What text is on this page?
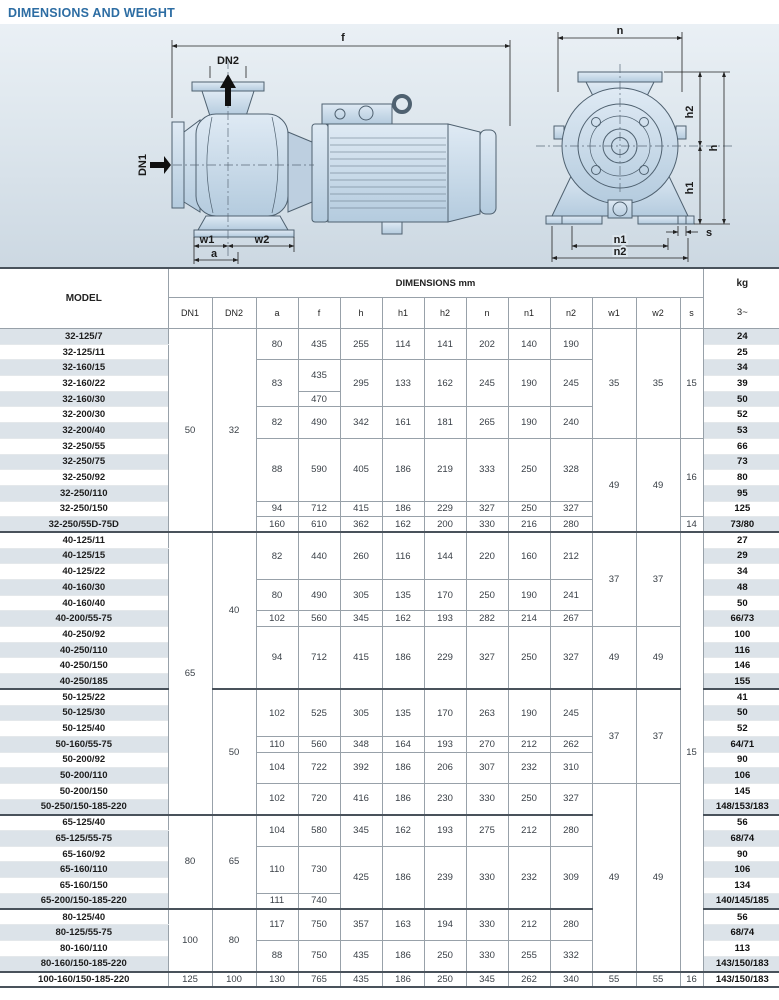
DIMENSIONS AND WEIGHT
f
DN2
DN1
w1	w2
a
n
h2
h
h1
s
n1
n2
MODEL	DIMENSIONS mm													kg
	DN1	DN2	a	f	h	h1	h2	n	n1	n2	w1	w2	s	3~
32-125/7	50	32	80	435	255	114	141	202	140	190	35	35	15	24
32-125/11														25
32-160/15			83	435	295	133	162	245	190	245				34
32-160/22														39
32-160/30				470										50
32-200/30			82	490	342	161	181	265	190	240				52
32-200/40														53
32-250/55			88	590	405	186	219	333	250	328	49	49	16	66
32-250/75														73
32-250/92														80
32-250/110														95
32-250/150			94	712	415	186	229	327	250	327				125
32-250/55D-75D			160	610	362	162	200	330	216	280			14	73/80
40-125/11	65	40	82	440	260	116	144	220	160	212	37	37	15	27
40-125/15														29
40-125/22														34
40-160/30			80	490	305	135	170	250	190	241				48
40-160/40														50
40-200/55-75			102	560	345	162	193	282	214	267				66/73
40-250/92			94	712	415	186	229	327	250	327	49	49		100
40-250/110														116
40-250/150														146
40-250/185														155
50-125/22		50	102	525	305	135	170	263	190	245	37	37		41
50-125/30														50
50-125/40														52
50-160/55-75			110	560	348	164	193	270	212	262				64/71
50-200/92			104	722	392	186	206	307	232	310				90
50-200/110														106
50-200/150			102	720	416	186	230	330	250	327	49	49		145
50-250/150-185-220														148/153/183
65-125/40	80	65	104	580	345	162	193	275	212	280				56
65-125/55-75														68/74
65-160/92			110	730	425	186	239	330	232	309				90
65-160/110														106
65-160/150														134
65-200/150-185-220			111	740										140/145/185
80-125/40	100	80	117	750	357	163	194	330	212	280				56
80-125/55-75														68/74
80-160/110			88	750	435	186	250	330	255	332				113
80-160/150-185-220														143/150/183
100-160/150-185-220	125	100	130	765	435	186	250	345	262	340	55	55	16	143/150/183
